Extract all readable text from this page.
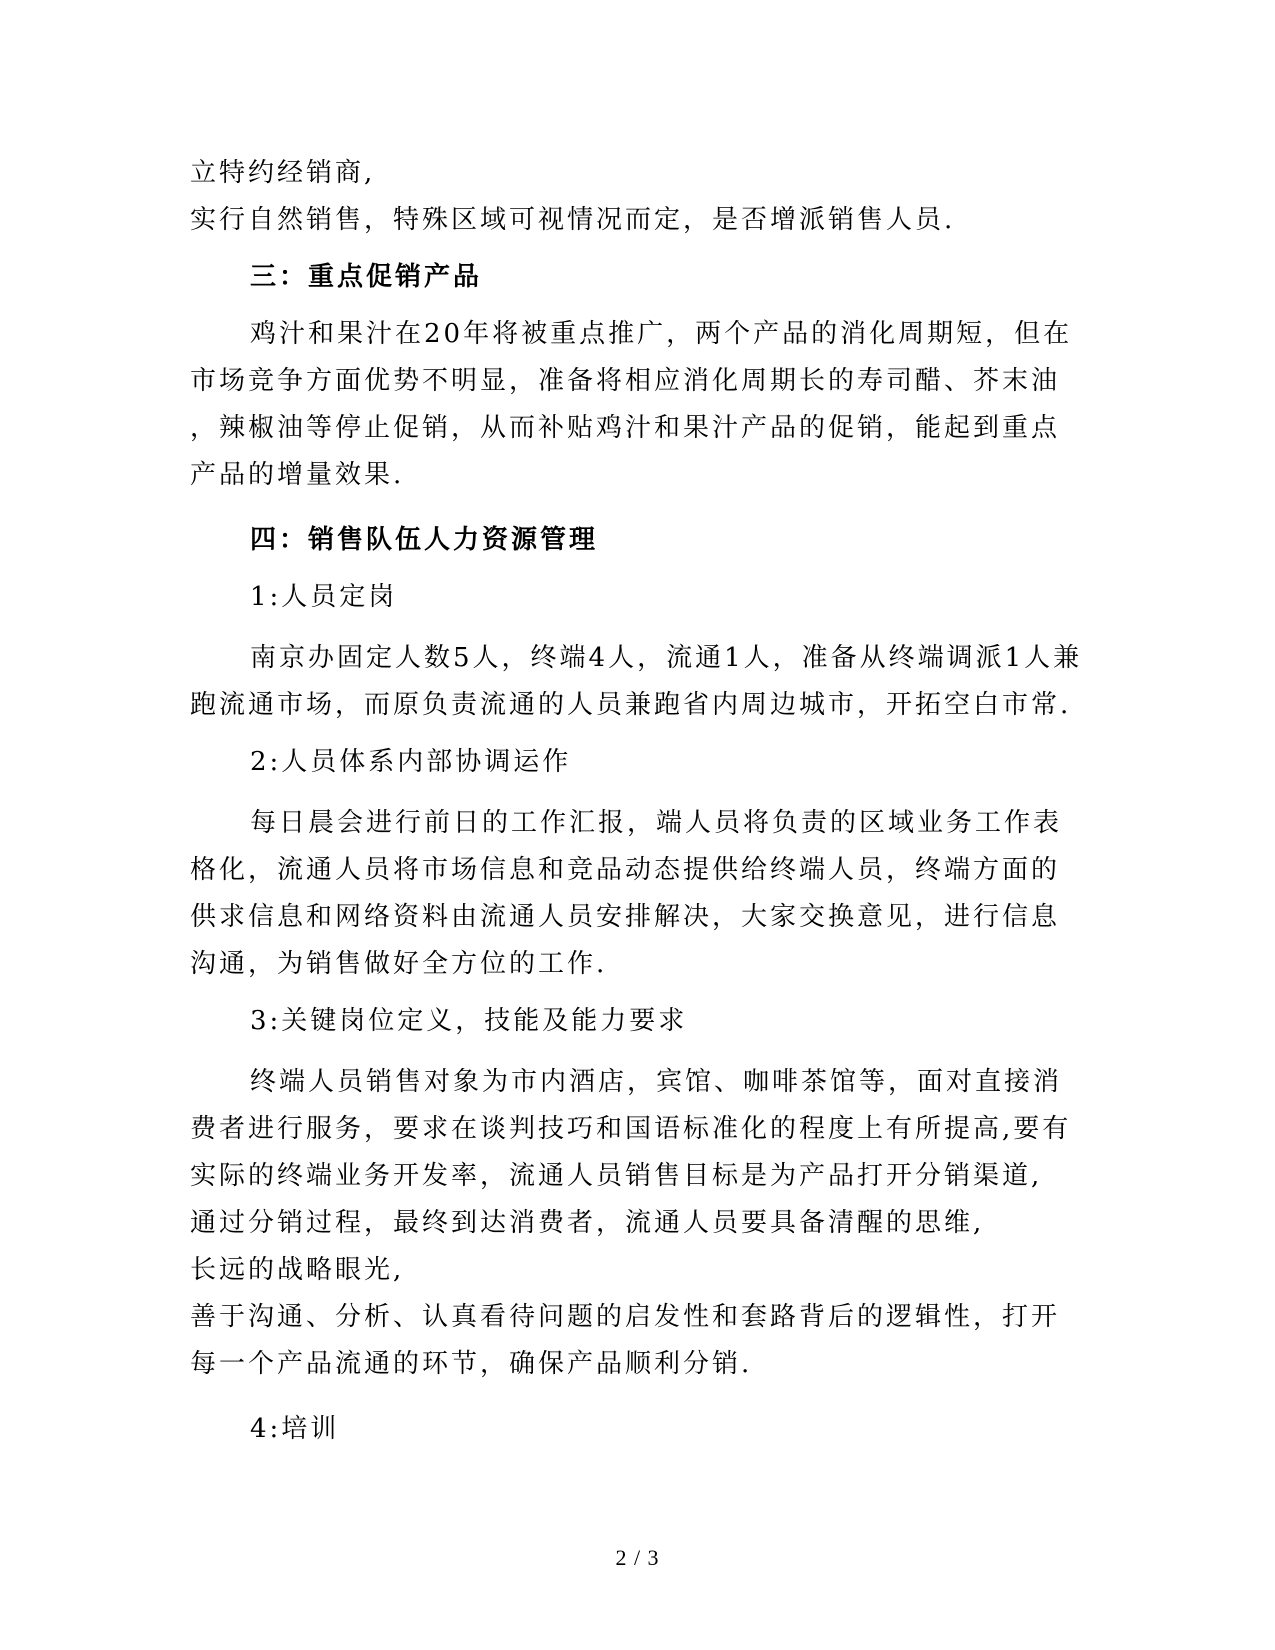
立特约经销商,
实行自然销售，特殊区域可视情况而定，是否增派销售人员.
三：重点促销产品
鸡汁和果汁在20年将被重点推广，两个产品的消化周期短，但在
市场竞争方面优势不明显，准备将相应消化周期长的寿司醋、芥末油
，辣椒油等停止促销，从而补贴鸡汁和果汁产品的促销，能起到重点
产品的增量效果.
四：销售队伍人力资源管理
1:人员定岗
南京办固定人数5人，终端4人，流通1人，准备从终端调派1人兼
跑流通市场，而原负责流通的人员兼跑省内周边城市，开拓空白市常.
2:人员体系内部协调运作
每日晨会进行前日的工作汇报，端人员将负责的区域业务工作表
格化，流通人员将市场信息和竞品动态提供给终端人员，终端方面的
供求信息和网络资料由流通人员安排解决，大家交换意见，进行信息
沟通，为销售做好全方位的工作.
3:关键岗位定义，技能及能力要求
终端人员销售对象为市内酒店，宾馆、咖啡茶馆等，面对直接消
费者进行服务，要求在谈判技巧和国语标准化的程度上有所提高,要有
实际的终端业务开发率，流通人员销售目标是为产品打开分销渠道,
通过分销过程，最终到达消费者，流通人员要具备清醒的思维,
长远的战略眼光,
善于沟通、分析、认真看待问题的启发性和套路背后的逻辑性，打开
每一个产品流通的环节，确保产品顺利分销.
4:培训
2 / 3
